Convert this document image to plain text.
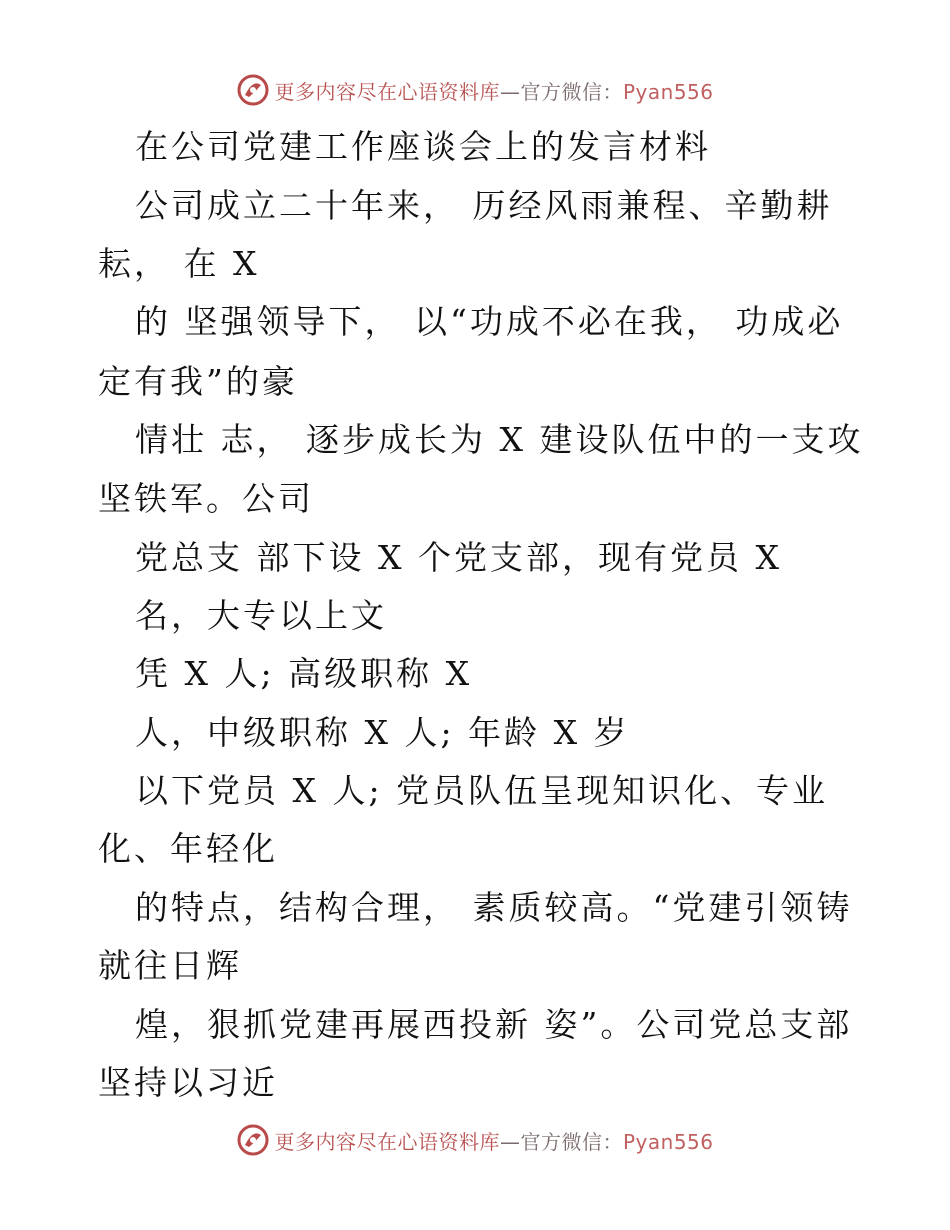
更多内容尽在心语资料库—官方微信：Pyan556
在公司党建工作座谈会上的发言材料
公司成立二十年来， 历经风雨兼程、辛勤耕
耘， 在 X
的 坚强领导下， 以“功成不必在我， 功成必
定有我”的豪
情壮 志， 逐步成长为 X 建设队伍中的一支攻
坚铁军。公司
党总支 部下设 X 个党支部，现有党员 X
名，大专以上文
凭 X 人; 高级职称 X
人，中级职称 X 人; 年龄 X 岁
以下党员 X 人; 党员队伍呈现知识化、专业
化、年轻化
的特点，结构合理， 素质较高。“党建引领铸
就往日辉
煌，狠抓党建再展西投新 姿”。公司党总支部
坚持以习近
更多内容尽在心语资料库—官方微信：Pyan556
